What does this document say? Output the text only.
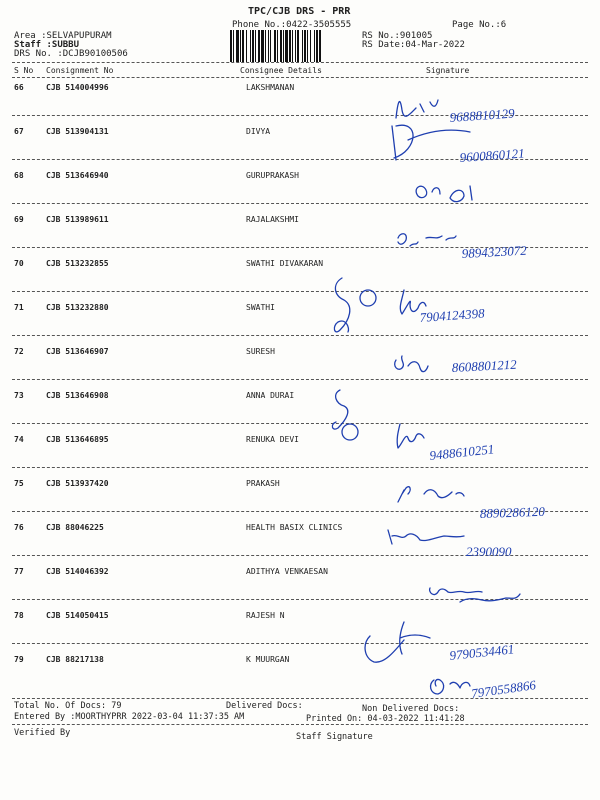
TPC/CJB DRS - PRR
Phone No.:0422-3505555	Page No.:6
Area :SELVAPUPURAM
Staff :SUBBU
DRS No. :DCJB90100506
RS No.:901005
RS Date:04-Mar-2022
S No Consignment No	Consignee Details	Signature
66	CJB 514004996	LAKSHMANAN
67	CJB 513904131	DIVYA
68	CJB 513646940	GURUPRAKASH
69	CJB 513989611	RAJALAKSHMI
70	CJB 513232855	SWATHI DIVAKARAN
71	CJB 513232880	SWATHI
72	CJB 513646907	SURESH
73	CJB 513646908	ANNA DURAI
74	CJB 513646895	RENUKA DEVI
75	CJB 513937420	PRAKASH
76	CJB 88046225	HEALTH BASIX CLINICS
77	CJB 514046392	ADITHYA VENKAESAN
78	CJB 514050415	RAJESH N
79	CJB 88217138	K MUURGAN
9688810129
9600860121
9894323072
7904124398
8608801212
9488610251
8890286120
2390090
9790534461
7970558866
Total No. Of Docs: 79	Delivered Docs:	Non Delivered Docs:
Entered By :MOORTHYPRR 2022-03-04 11:37:35 AM	Printed On: 04-03-2022 11:41:28
Verified By	Staff Signature
